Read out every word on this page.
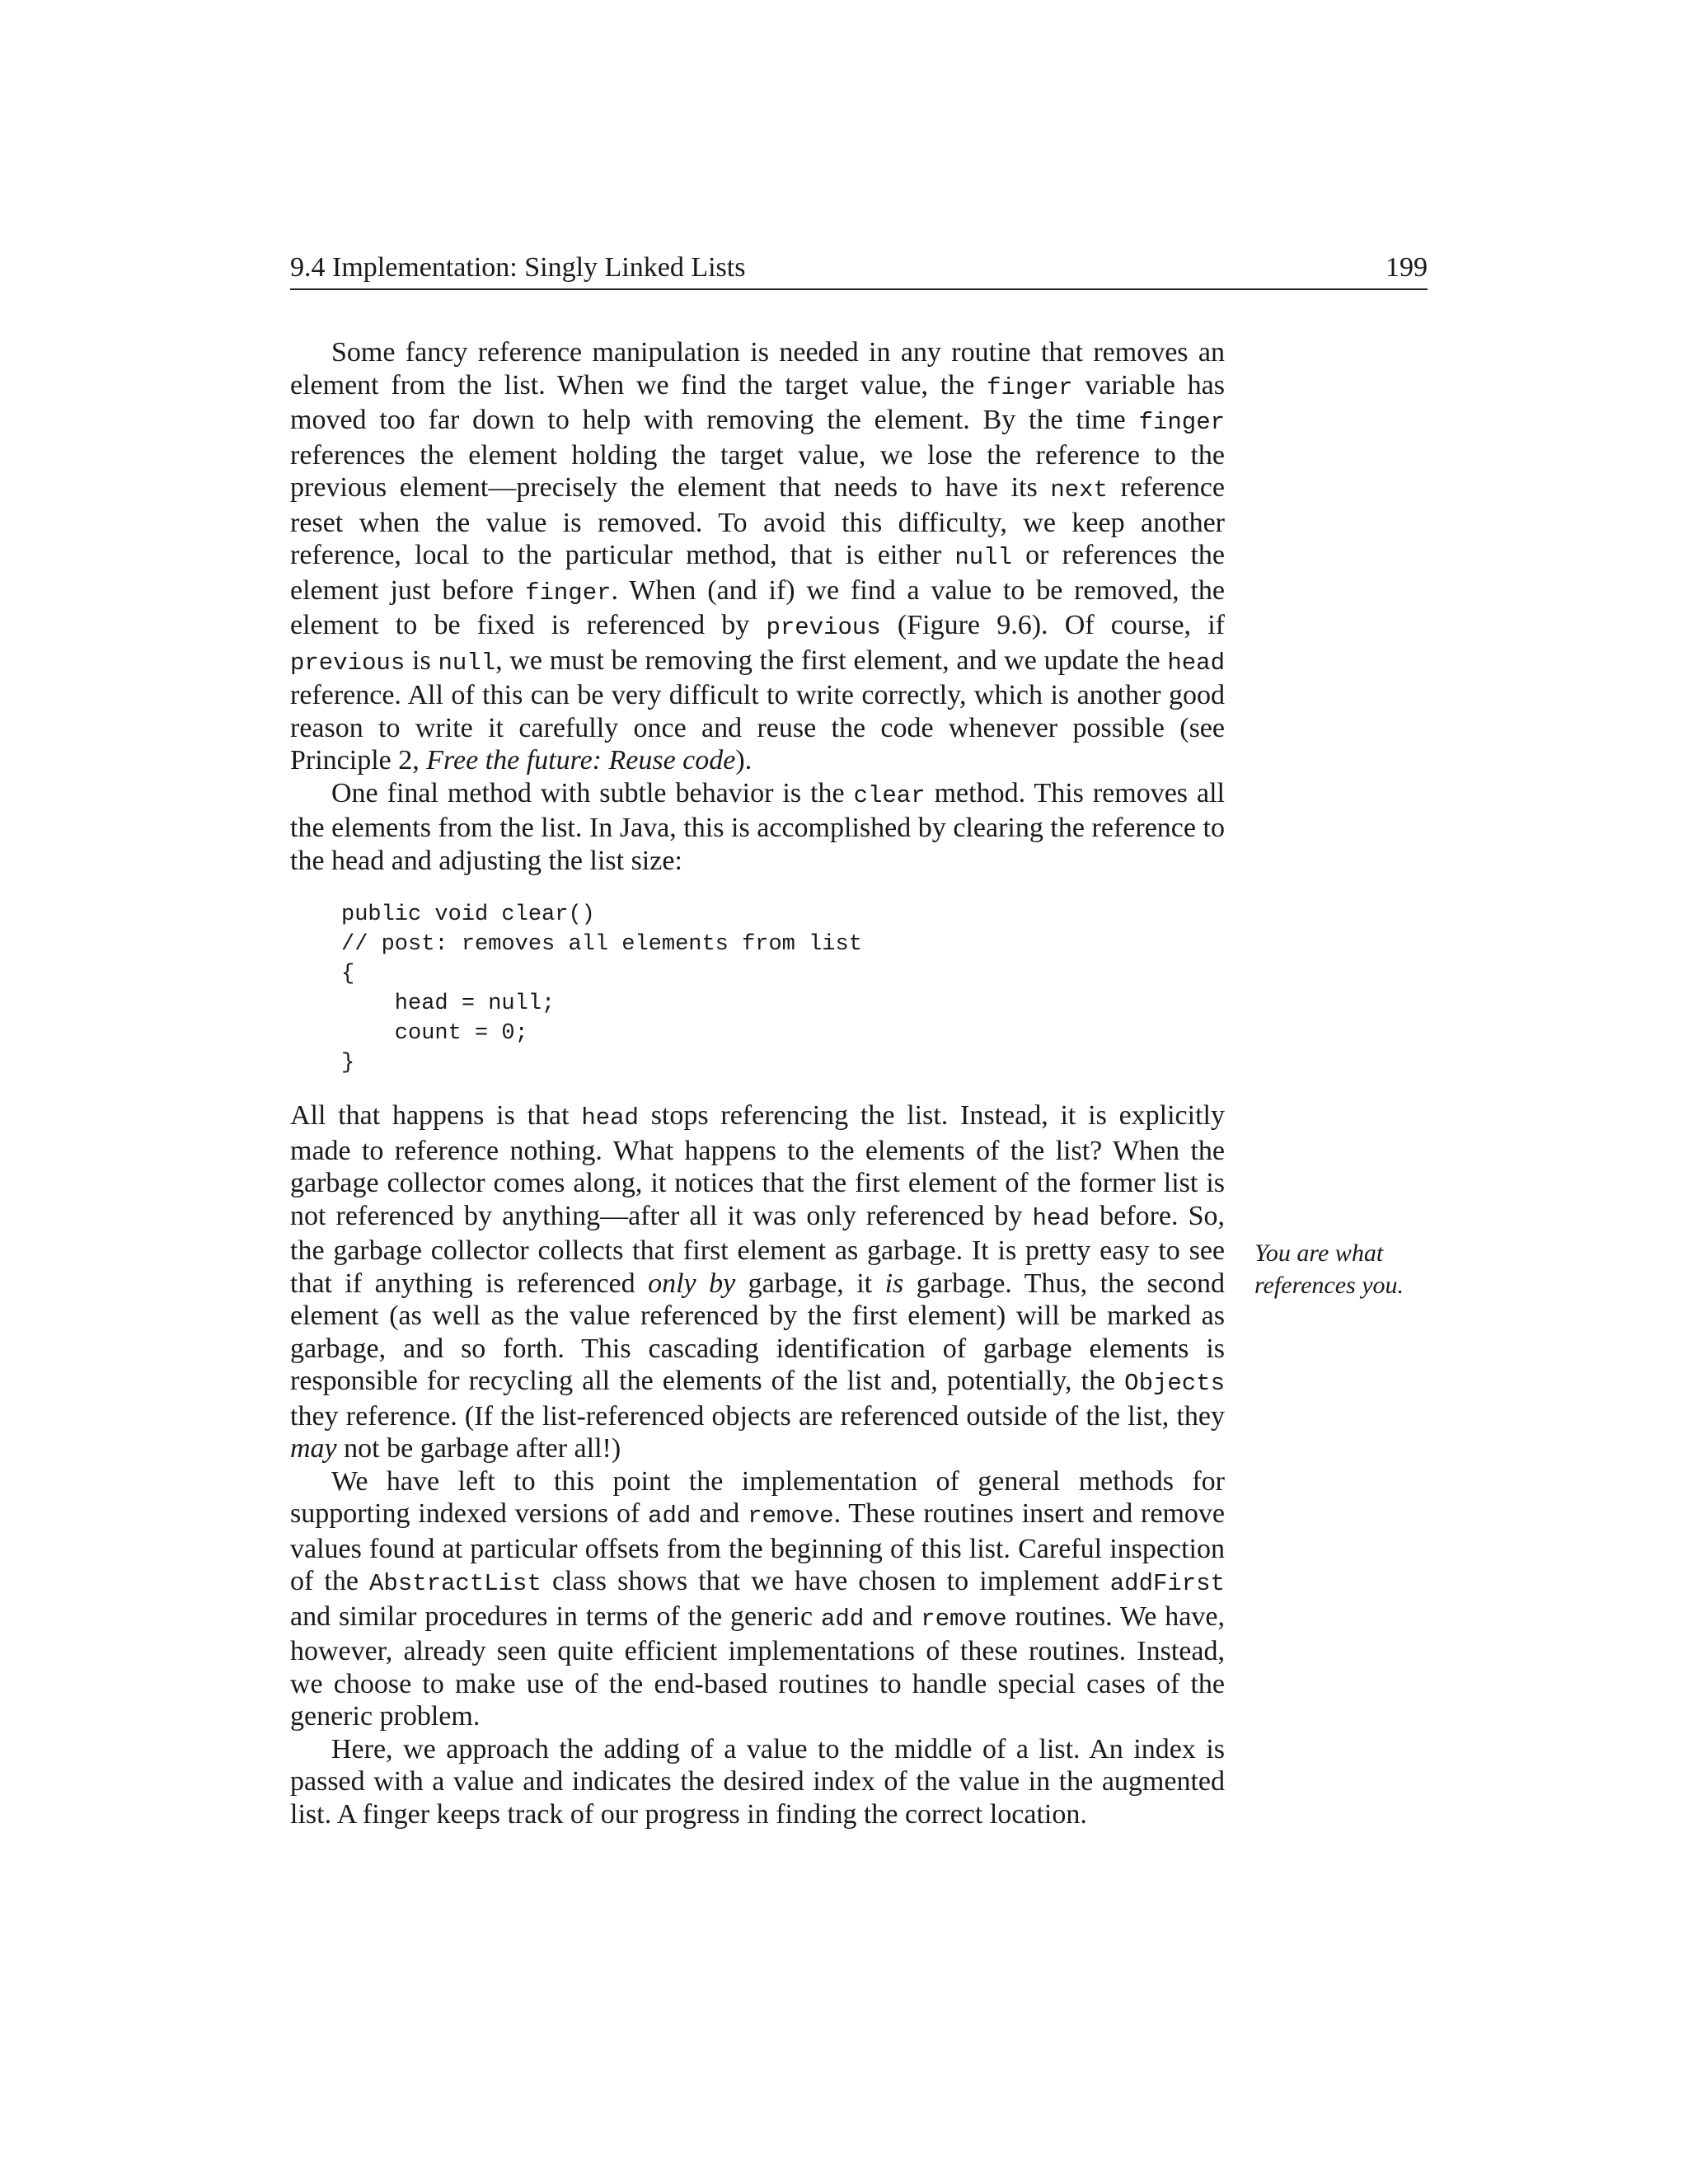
9.4 Implementation: Singly Linked Lists	199

Some fancy reference manipulation is needed in any routine that removes an element from the list. When we find the target value, the finger variable has moved too far down to help with removing the element. By the time finger references the element holding the target value, we lose the reference to the previous element—precisely the element that needs to have its next reference reset when the value is removed. To avoid this difficulty, we keep another reference, local to the particular method, that is either null or references the element just before finger. When (and if) we find a value to be removed, the element to be fixed is referenced by previous (Figure 9.6). Of course, if previous is null, we must be removing the first element, and we update the head reference. All of this can be very difficult to write correctly, which is another good reason to write it carefully once and reuse the code whenever possible (see Principle 2, Free the future: Reuse code).

One final method with subtle behavior is the clear method. This removes all the elements from the list. In Java, this is accomplished by clearing the reference to the head and adjusting the list size:

public void clear()
// post: removes all elements from list
{
head = null;
count = 0;
}

All that happens is that head stops referencing the list. Instead, it is explicitly made to reference nothing. What happens to the elements of the list? When the garbage collector comes along, it notices that the first element of the former list is not referenced by anything—after all it was only referenced by head before. So, the garbage collector collects that first element as garbage. It is pretty easy to see that if anything is referenced only by garbage, it is garbage. Thus, the second element (as well as the value referenced by the first element) will be marked as garbage, and so forth. This cascading identification of garbage elements is responsible for recycling all the elements of the list and, potentially, the Objects they reference. (If the list-referenced objects are referenced outside of the list, they may not be garbage after all!)

We have left to this point the implementation of general methods for supporting indexed versions of add and remove. These routines insert and remove values found at particular offsets from the beginning of this list. Careful inspection of the AbstractList class shows that we have chosen to implement addFirst and similar procedures in terms of the generic add and remove routines. We have, however, already seen quite efficient implementations of these routines. Instead, we choose to make use of the end-based routines to handle special cases of the generic problem.

Here, we approach the adding of a value to the middle of a list. An index is passed with a value and indicates the desired index of the value in the augmented list. A finger keeps track of our progress in finding the correct location.

You are what
references you.
